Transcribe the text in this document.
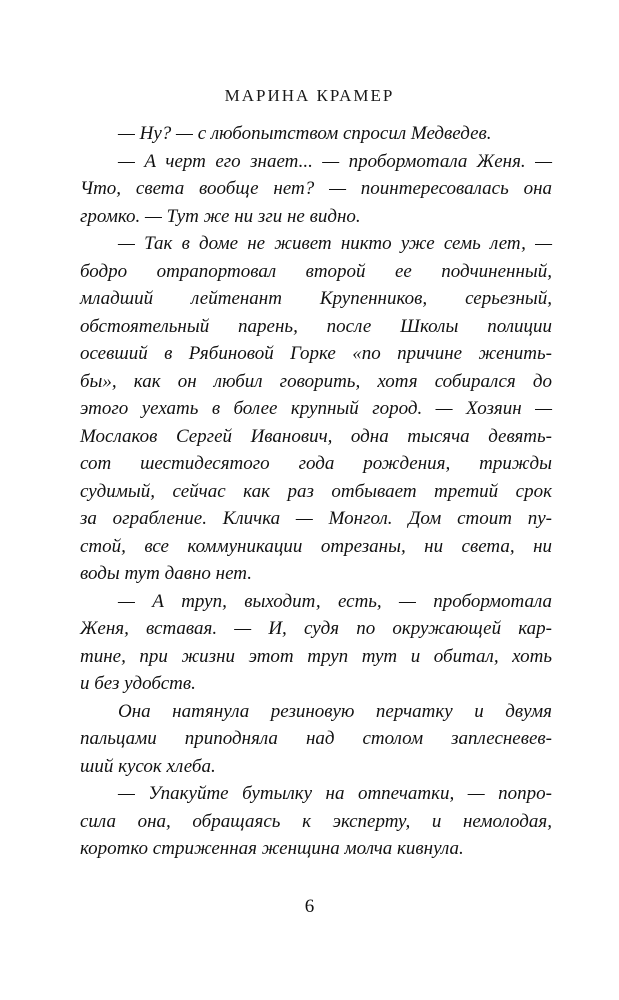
МАРИНА КРАМЕР
— Ну? — с любопытством спросил Медведев.
— А черт его знает... — пробормотала Женя. —
Что, света вообще нет? — поинтересовалась она
громко. — Тут же ни зги не видно.
— Так в доме не живет никто уже семь лет, —
бодро отрапортовал второй ее подчиненный,
младший лейтенант Крупенников, серьезный,
обстоятельный парень, после Школы полиции
осевший в Рябиновой Горке «по причине женить-
бы», как он любил говорить, хотя собирался до
этого уехать в более крупный город. — Хозяин —
Мослаков Сергей Иванович, одна тысяча девять-
сот шестидесятого года рождения, трижды
судимый, сейчас как раз отбывает третий срок
за ограбление. Кличка — Монгол. Дом стоит пу-
стой, все коммуникации отрезаны, ни света, ни
воды тут давно нет.
— А труп, выходит, есть, — пробормотала
Женя, вставая. — И, судя по окружающей кар-
тине, при жизни этот труп тут и обитал, хоть
и без удобств.
Она натянула резиновую перчатку и двумя
пальцами приподняла над столом заплесневев-
ший кусок хлеба.
— Упакуйте бутылку на отпечатки, — попро-
сила она, обращаясь к эксперту, и немолодая,
коротко стриженная женщина молча кивнула.
6
